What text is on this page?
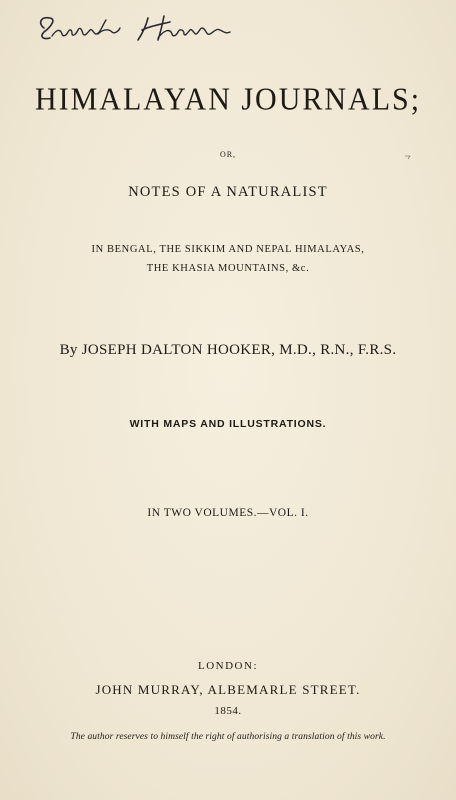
HIMALAYAN JOURNALS;
OR,
NOTES OF A NATURALIST
IN BENGAL, THE SIKKIM AND NEPAL HIMALAYAS,
THE KHASIA MOUNTAINS, &c.
By JOSEPH DALTON HOOKER, M.D., R.N., F.R.S.
WITH MAPS AND ILLUSTRATIONS.
IN TWO VOLUMES.—VOL. I.
LONDON:
JOHN MURRAY, ALBEMARLE STREET.
1854.
The author reserves to himself the right of authorising a translation of this work.
